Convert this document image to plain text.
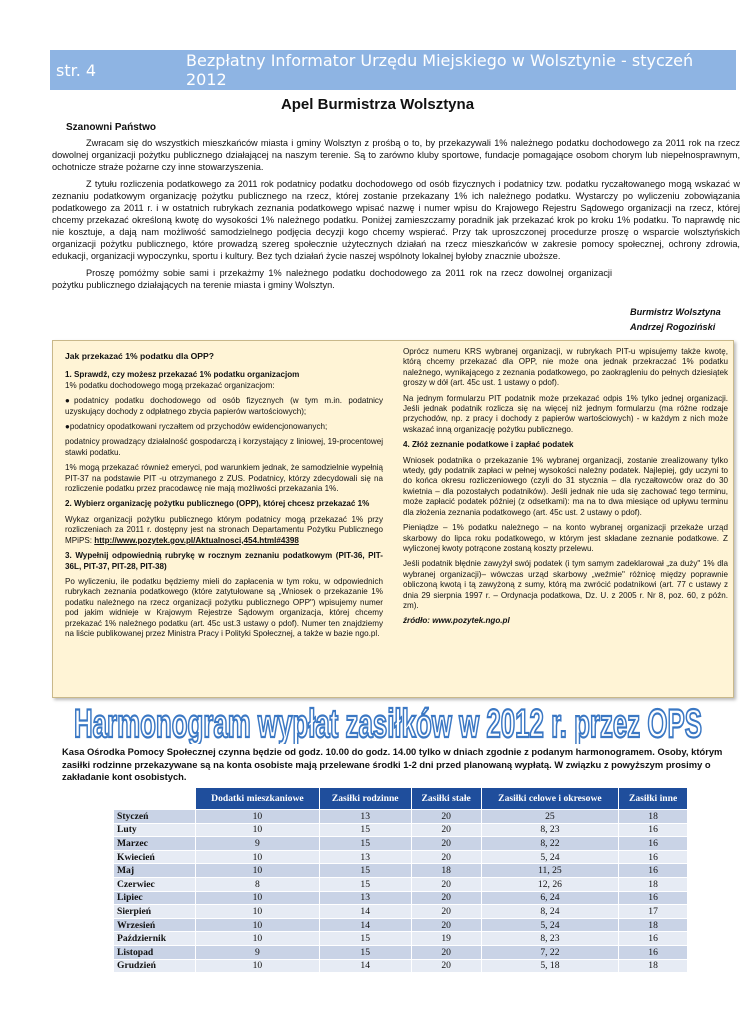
str. 4	Bezpłatny Informator Urzędu Miejskiego w Wolsztynie - styczeń 2012
Apel Burmistrza Wolsztyna
Szanowni Państwo

Zwracam się do wszystkich mieszkańców miasta i gminy Wolsztyn z prośbą o to, by przekazywali 1% należnego podatku dochodowego za 2011 rok na rzecz dowolnej organizacji pożytku publicznego działającej na naszym terenie. Są to zarówno kluby sportowe, fundacje pomagające osobom chorym lub niepełnosprawnym, ochotnicze straże pożarne czy inne stowarzyszenia.

Z tytułu rozliczenia podatkowego za 2011 rok podatnicy podatku dochodowego od osób fizycznych i podatnicy tzw. podatku ryczałtowanego mogą wskazać w zeznaniu podatkowym organizację pożytku publicznego na rzecz, której zostanie przekazany 1% ich należnego podatku. Wystarczy po wyliczeniu zobowiązania podatkowego za 2011 r. i w ostatnich rubrykach zeznania podatkowego wpisać nazwę i numer wpisu do Krajowego Rejestru Sądowego organizacji na rzecz, której chcemy przekazać określoną kwotę do wysokości 1% należnego podatku. Poniżej zamieszczamy poradnik jak przekazać krok po kroku 1% podatku. To naprawdę nic nie kosztuje, a dają nam możliwość samodzielnego podjęcia decyzji kogo chcemy wspierać. Przy tak uproszczonej procedurze proszę o wsparcie wolsztyńskich organizacji pożytku publicznego, które prowadzą szereg społecznie użytecznych działań na rzecz mieszkańców w zakresie pomocy społecznej, ochrony zdrowia, edukacji, organizacji wypoczynku, sportu i kultury. Bez tych działań życie naszej wspólnoty lokalnej byłoby znacznie uboższe.

Proszę pomóżmy sobie sami i przekażmy 1% należnego podatku dochodowego za 2011 rok na rzecz dowolnej organizacji pożytku publicznego działających na terenie miasta i gminy Wolsztyn.

Burmistrz Wolsztyna
Andrzej Rogoziński

Jak przekazać 1% podatku dla OPP?

1. Sprawdź, czy możesz przekazać 1% podatku organizacjom

1% podatku dochodowego mogą przekazać organizacjom:

●podatnicy podatku dochodowego od osób fizycznych (w tym m.in. podatnicy uzyskujący dochody z odpłatnego zbycia papierów wartościowych);

●podatnicy opodatkowani ryczałtem od przychodów ewidencjonowanych;

podatnicy prowadzący działalność gospodarczą i korzystający z liniowej, 19-procentowej stawki podatku.

1% mogą przekazać również emeryci, pod warunkiem jednak, że samodzielnie wypełnią PIT-37 na podstawie PIT -u otrzymanego z ZUS. Podatnicy, którzy zdecydowali się na rozliczenie podatku przez pracodawcę nie mają możliwości przekazania 1%.

2. Wybierz organizację pożytku publicznego (OPP), której chcesz przekazać 1%

Wykaz organizacji pożytku publicznego którym podatnicy mogą przekazać 1% przy rozliczeniach za 2011 r. dostępny jest na stronach Departamentu Pożytku Publicznego MPiPS: http://www.pozytek.gov.pl/Aktualnosci,454.html#4398

3. Wypełnij odpowiednią rubrykę w rocznym zeznaniu podatkowym (PIT-36, PIT-36L, PIT-37, PIT-28, PIT-38)

Po wyliczeniu, ile podatku będziemy mieli do zapłacenia w tym roku, w odpowiednich rubrykach zeznania podatkowego (które zatytułowane są „Wniosek o przekazanie 1% podatku należnego na rzecz organizacji pożytku publicznego OPP") wpisujemy numer pod jakim widnieje w Krajowym Rejestrze Sądowym organizacja, której chcemy przekazać 1% należnego podatku (art. 45c ust.3 ustawy o pdof). Numer ten znajdziemy na liście publikowanej przez Ministra Pracy i Polityki Społecznej, a także w bazie ngo.pl.

Oprócz numeru KRS wybranej organizacji, w rubrykach PIT-u wpisujemy także kwotę, którą chcemy przekazać dla OPP, nie może ona jednak przekraczać 1% podatku należnego, wynikającego z zeznania podatkowego, po zaokrągleniu do pełnych dziesiątek groszy w dół (art. 45c ust. 1 ustawy o pdof).

Na jednym formularzu PIT podatnik może przekazać odpis 1% tylko jednej organizacji. Jeśli jednak podatnik rozlicza się na więcej niż jednym formularzu (ma różne rodzaje przychodów, np. z pracy i dochody z papierów wartościowych) - w każdym z nich może wskazać inną organizację pożytku publicznego.

4. Złóż zeznanie podatkowe i zapłać podatek

Wniosek podatnika o przekazanie 1% wybranej organizacji, zostanie zrealizowany tylko wtedy, gdy podatnik zapłaci w pełnej wysokości należny podatek. Najlepiej, gdy uczyni to do końca okresu rozliczeniowego (czyli do 31 stycznia – dla ryczałtowców oraz do 30 kwietnia – dla pozostałych podatników). Jeśli jednak nie uda się zachować tego terminu, może zapłacić podatek później (z odsetkami): ma na to dwa miesiące od upływu terminu dla złożenia zeznania podatkowego (art. 45c ust. 2 ustawy o pdof).

Pieniądze – 1% podatku należnego – na konto wybranej organizacji przekaże urząd skarbowy do lipca roku podatkowego, w którym jest składane zeznanie podatkowe. Z wyliczonej kwoty potrącone zostaną koszty przelewu.

Jeśli podatnik błędnie zawyżył swój podatek (i tym samym zadeklarował „za duży" 1% dla wybranej organizacji)– wówczas urząd skarbowy „weźmie" różnicę między poprawnie obliczoną kwotą i tą zawyżoną z sumy, którą ma zwrócić podatnikowi (art. 77 c ustawy z dnia 29 sierpnia 1997 r. – Ordynacja podatkowa, Dz. U. z 2005 r. Nr 8, poz. 60, z późn. zm).

źródło: www.pozytek.ngo.pl

Harmonogram wypłat zasiłków w 2012 r. przez OPS
Kasa Ośrodka Pomocy Społecznej czynna będzie od godz. 10.00 do godz. 14.00 tylko w dniach zgodnie z podanym harmonogramem. Osoby, którym zasiłki rodzinne przekazywane są na konta osobiste mają przelewane środki 1-2 dni przed planowaną wypłatą. W związku z powyższym prosimy o zakładanie kont osobistych.
	Dodatki mieszkaniowe	Zasiłki rodzinne	Zasiłki stałe	Zasiłki celowe i okresowe	Zasiłki inne
Styczeń	10	13	20	25	18
Luty	10	15	20	8, 23	16
Marzec	9	15	20	8, 22	16
Kwiecień	10	13	20	5, 24	16
Maj	10	15	18	11, 25	16
Czerwiec	8	15	20	12, 26	18
Lipiec	10	13	20	6, 24	16
Sierpień	10	14	20	8, 24	17
Wrzesień	10	14	20	5, 24	18
Październik	10	15	19	8, 23	16
Listopad	9	15	20	7, 22	16
Grudzień	10	14	20	5, 18	18
